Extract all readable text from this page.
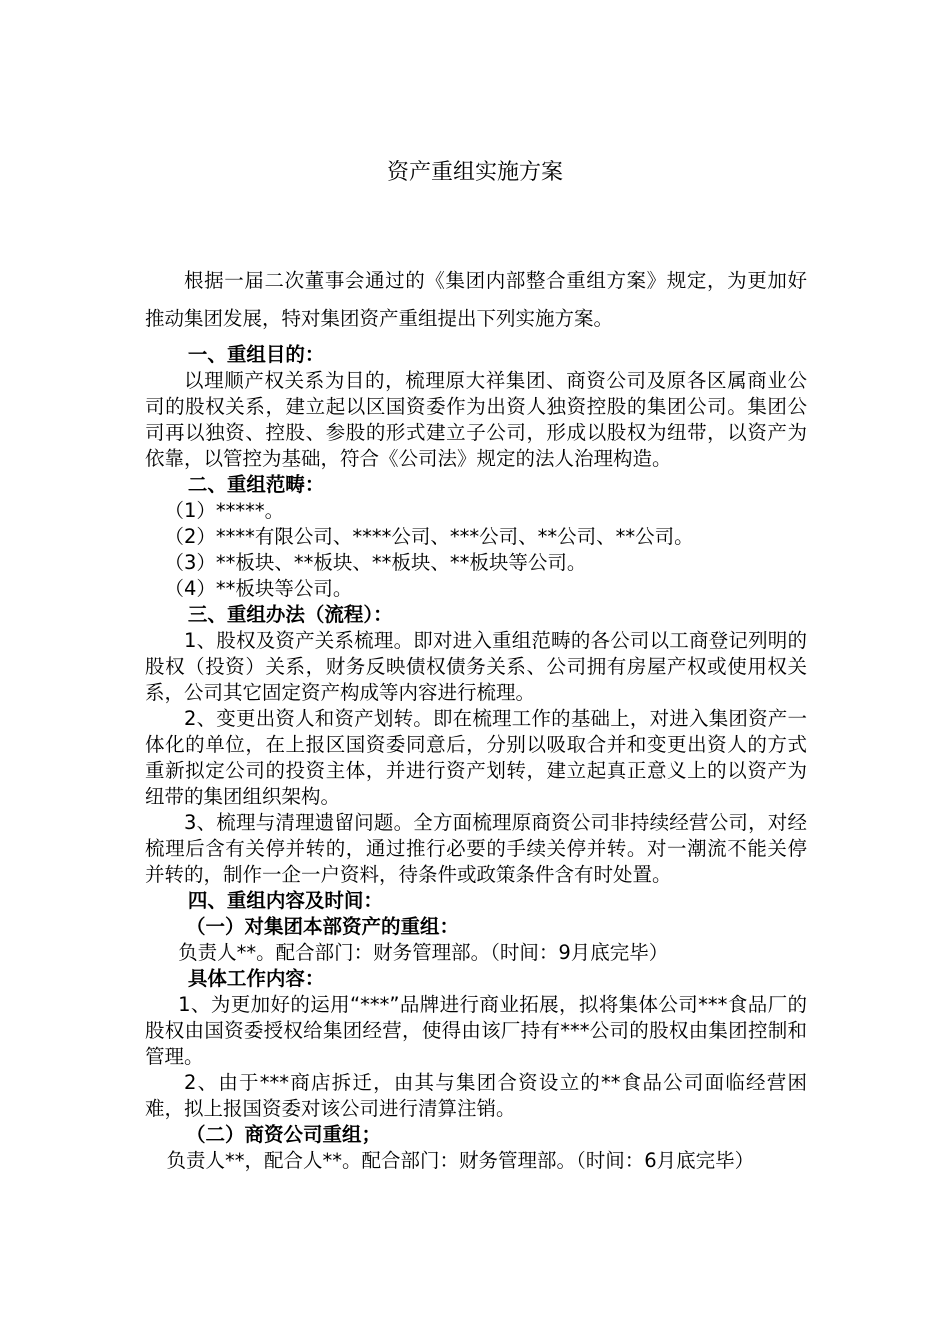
资产重组实施方案

根据一届二次董事会通过的《集团内部整合重组方案》规定，为更加好推动集团发展，特对集团资产重组提出下列实施方案。

一、重组目的：

以理顺产权关系为目的，梳理原大祥集团、商资公司及原各区属商业公司的股权关系，建立起以区国资委作为出资人独资控股的集团公司。集团公司再以独资、控股、参股的形式建立子公司，形成以股权为纽带，以资产为依靠，以管控为基础，符合《公司法》规定的法人治理构造。

二、重组范畴：

（1）*****。

（2）****有限公司、****公司、***公司、**公司、**公司。

（3）**板块、**板块、**板块、**板块等公司。

（4）**板块等公司。

三、重组办法（流程）：

1、股权及资产关系梳理。即对进入重组范畴的各公司以工商登记列明的股权（投资）关系，财务反映债权债务关系、公司拥有房屋产权或使用权关系，公司其它固定资产构成等内容进行梳理。

2、变更出资人和资产划转。即在梳理工作的基础上，对进入集团资产一体化的单位，在上报区国资委同意后，分别以吸取合并和变更出资人的方式重新拟定公司的投资主体，并进行资产划转，建立起真正意义上的以资产为纽带的集团组织架构。

3、梳理与清理遗留问题。全方面梳理原商资公司非持续经营公司，对经梳理后含有关停并转的，通过推行必要的手续关停并转。对一潮流不能关停并转的，制作一企一户资料，待条件或政策条件含有时处置。

四、重组内容及时间：

（一）对集团本部资产的重组：

负责人**。配合部门：财务管理部。（时间：9月底完毕）

具体工作内容：

1、为更加好的运用“***”品牌进行商业拓展，拟将集体公司***食品厂的股权由国资委授权给集团经营，使得由该厂持有***公司的股权由集团控制和管理。

2、由于***商店拆迁，由其与集团合资设立的**食品公司面临经营困难，拟上报国资委对该公司进行清算注销。

（二）商资公司重组；

负责人**，配合人**。配合部门：财务管理部。（时间：6月底完毕）
